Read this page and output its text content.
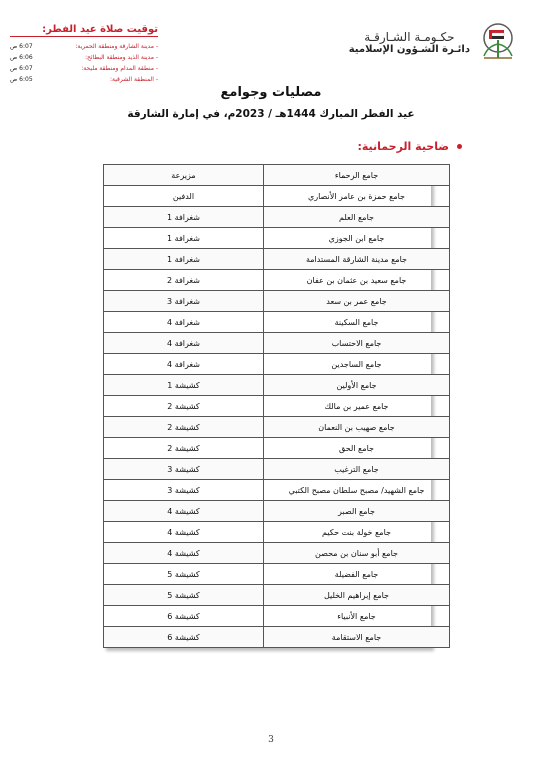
توقيت صلاة عيد الفطر:
- مدينة الشارقة ومنطقة الحمرية:
6:07 ص
- مدينة الذيد ومنطقة البطائح:
6:06 ص
- منطقة المدام ومنطقة مليحة:
6:07 ص
- المنطقة الشرقية:
6:05 ص
حكـومـة الشـارقـة
دائـرة الشـؤون الإسلامية
مصليات وجوامع
عيد الفطر المبارك 1444هـ / 2023م، في إمارة الشارقة
ضاحية الرحمانية:
جامع الرحماء	مزيرعة
جامع حمزة بن عامر الأنصاري	الدفين
جامع العلم	شغرافة 1
جامع ابن الجوزي	شغرافة 1
جامع مدينة الشارقة المستدامة	شغرافة 1
جامع سعيد بن عثمان بن عفان	شغرافة 2
جامع عمر بن سعد	شغرافة 3
جامع السكينة	شغرافة 4
جامع الاحتساب	شغرافة 4
جامع الساجدين	شغرافة 4
جامع الأولين	كشيشة 1
جامع عمير بن مالك	كشيشة 2
جامع صهيب بن النعمان	كشيشة 2
جامع الحق	كشيشة 2
جامع الترغيب	كشيشة 3
جامع الشهيد/ مصبح سلطان مصبح الكتبي	كشيشة 3
جامع الصبر	كشيشة 4
جامع خولة بنت حكيم	كشيشة 4
جامع أبو سنان بن محصن	كشيشة 4
جامع الفضيلة	كشيشة 5
جامع إبراهيم الخليل	كشيشة 5
جامع الأنبياء	كشيشة 6
جامع الاستقامة	كشيشة 6
3
